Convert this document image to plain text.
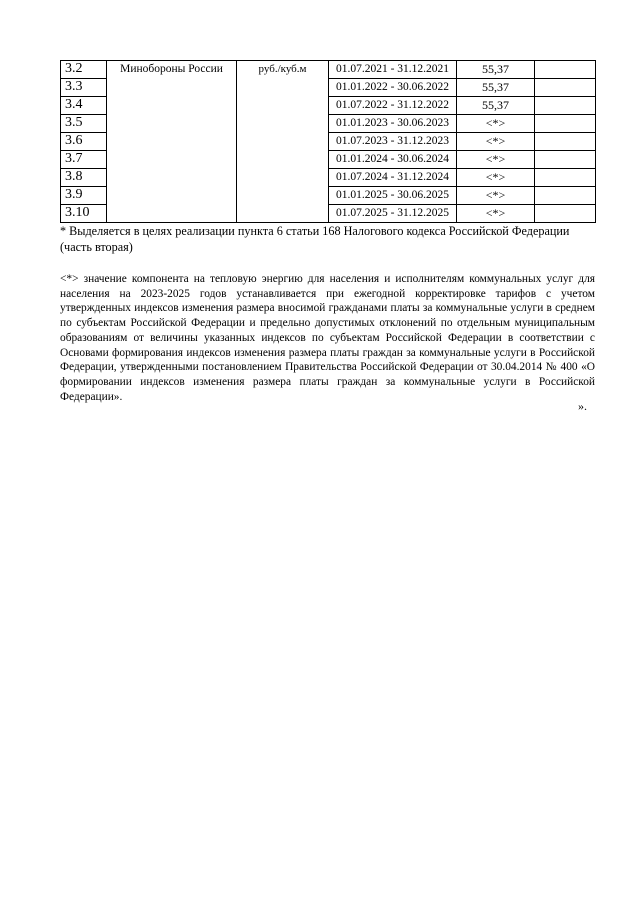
3.2	Минобороны России	руб./куб.м	01.07.2021 - 31.12.2021	55,37	
3.3			01.01.2022 - 30.06.2022	55,37	
3.4			01.07.2022 - 31.12.2022	55,37	
3.5			01.01.2023 - 30.06.2023	<*>	
3.6			01.07.2023 - 31.12.2023	<*>	
3.7			01.01.2024 - 30.06.2024	<*>	
3.8			01.07.2024 - 31.12.2024	<*>	
3.9			01.01.2025 - 30.06.2025	<*>	
3.10			01.07.2025 - 31.12.2025	<*>	
* Выделяется в целях реализации пункта 6 статьи 168 Налогового кодекса Российской Федерации (часть вторая)
<*> значение компонента на тепловую энергию для населения и исполнителям коммунальных услуг для населения на 2023-2025 годов устанавливается при ежегодной корректировке тарифов с учетом утвержденных индексов изменения размера вносимой гражданами платы за коммунальные услуги в среднем по субъектам Российской Федерации и предельно допустимых отклонений по отдельным муниципальным образованиям от величины указанных индексов по субъектам Российской Федерации в соответствии с Основами формирования индексов изменения размера платы граждан за коммунальные услуги в Российской Федерации, утвержденными постановлением Правительства Российской Федерации от 30.04.2014 № 400 «О формировании индексов изменения размера платы граждан за коммунальные услуги в Российской Федерации».
».
